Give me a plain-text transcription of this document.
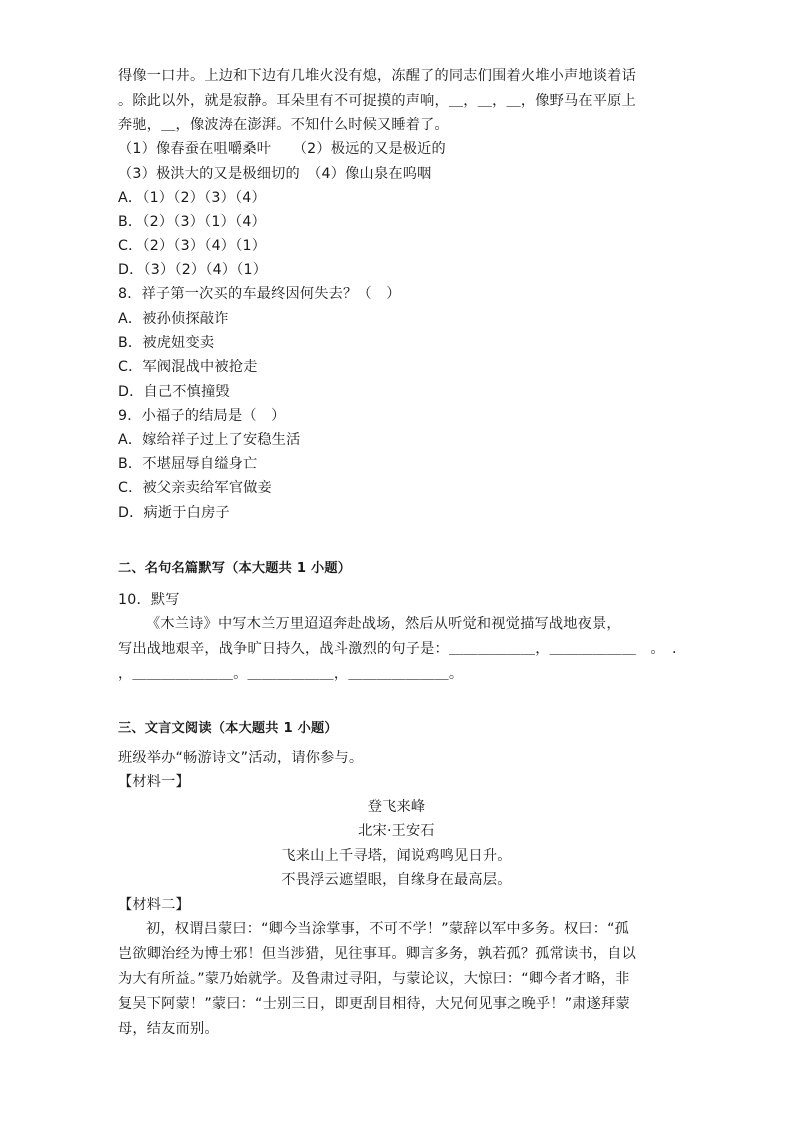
得像一口井。上边和下边有几堆火没有熄，冻醒了的同志们围着火堆小声地谈着话
。除此以外，就是寂静。耳朵里有不可捉摸的声响，＿，＿，＿，像野马在平原上
奔驰，＿，像波涛在澎湃。不知什么时候又睡着了。
（1）像春蚕在咀嚼桑叶　　（2）极远的又是极近的
（3）极洪大的又是极细切的　（4）像山泉在呜咽
A．（1）（2）（3）（4）
B．（2）（3）（1）（4）
C．（2）（3）（4）（1）
D．（3）（2）（4）（1）
8．祥子第一次买的车最终因何失去？（　）
A．被孙侦探敲诈
B．被虎妞变卖
C．军阀混战中被抢走
D．自己不慎撞毁
9．小福子的结局是（　）
A．嫁给祥子过上了安稳生活
B．不堪屈辱自缢身亡
C．被父亲卖给军官做妾
D．病逝于白房子
二、名句名篇默写（本大题共 1 小题）
10．默写
《木兰诗》中写木兰万里迢迢奔赴战场，然后从听觉和视觉描写战地夜景，
写出战地艰辛，战争旷日持久，战斗激烈的句子是：＿＿＿＿＿＿，＿＿＿＿＿＿　。　.
，＿＿＿＿＿＿＿。＿＿＿＿＿＿，＿＿＿＿＿＿＿。
三、文言文阅读（本大题共 1 小题）
班级举办“畅游诗文”活动，请你参与。
【材料一】
登飞来峰
北宋·王安石
飞来山上千寻塔，闻说鸡鸣见日升。
不畏浮云遮望眼，自缘身在最高层。
【材料二】
初，权谓吕蒙曰：“卿今当涂掌事，不可不学！”蒙辞以军中多务。权曰：“孤
岂欲卿治经为博士邪！但当涉猎，见往事耳。卿言多务，孰若孤？孤常读书，自以
为大有所益。”蒙乃始就学。及鲁肃过寻阳，与蒙论议，大惊曰：“卿今者才略，非
复吴下阿蒙！”蒙曰：“士别三日，即更刮目相待，大兄何见事之晚乎！”肃遂拜蒙
母，结友而别。
